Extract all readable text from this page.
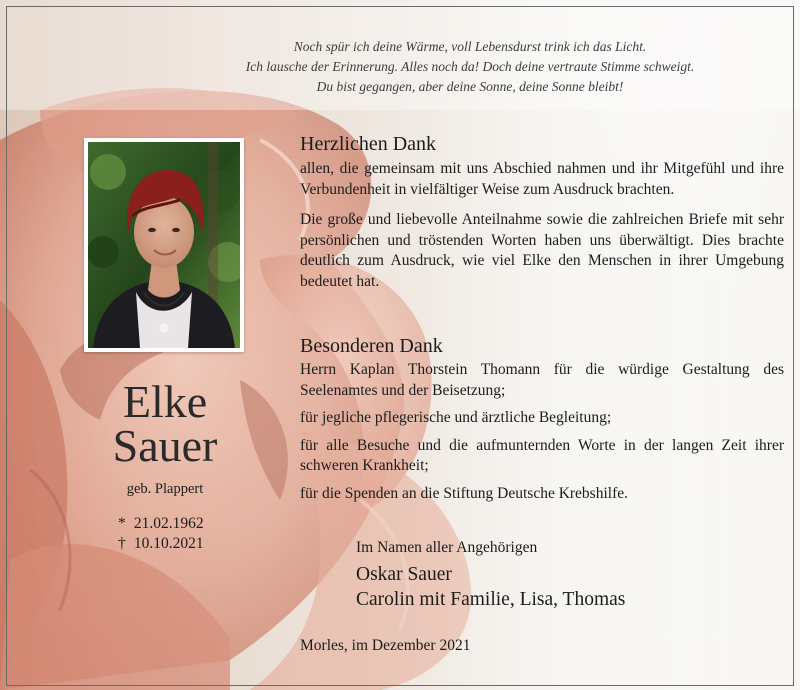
Noch spür ich deine Wärme, voll Lebensdurst trink ich das Licht.
Ich lausche der Erinnerung. Alles noch da! Doch deine vertraute Stimme schweigt.
Du bist gegangen, aber deine Sonne, deine Sonne bleibt!
Elke
Sauer
geb. Plappert
* 21.02.1962
† 10.10.2021
Herzlichen Dank
allen, die gemeinsam mit uns Abschied nahmen und ihr Mitgefühl und ihre Verbundenheit in vielfältiger Weise zum Ausdruck brachten.
Die große und liebevolle Anteilnahme sowie die zahlreichen Briefe mit sehr persönlichen und tröstenden Worten haben uns überwältigt. Dies brachte deutlich zum Ausdruck, wie viel Elke den Menschen in ihrer Umgebung bedeutet hat.
Besonderen Dank
Herrn Kaplan Thorstein Thomann für die würdige Gestaltung des Seelenamtes und der Beisetzung;
für jegliche pflegerische und ärztliche Begleitung;
für alle Besuche und die aufmunternden Worte in der langen Zeit ihrer schweren Krankheit;
für die Spenden an die Stiftung Deutsche Krebshilfe.
Im Namen aller Angehörigen
Oskar Sauer
Carolin mit Familie, Lisa, Thomas
Morles, im Dezember 2021
